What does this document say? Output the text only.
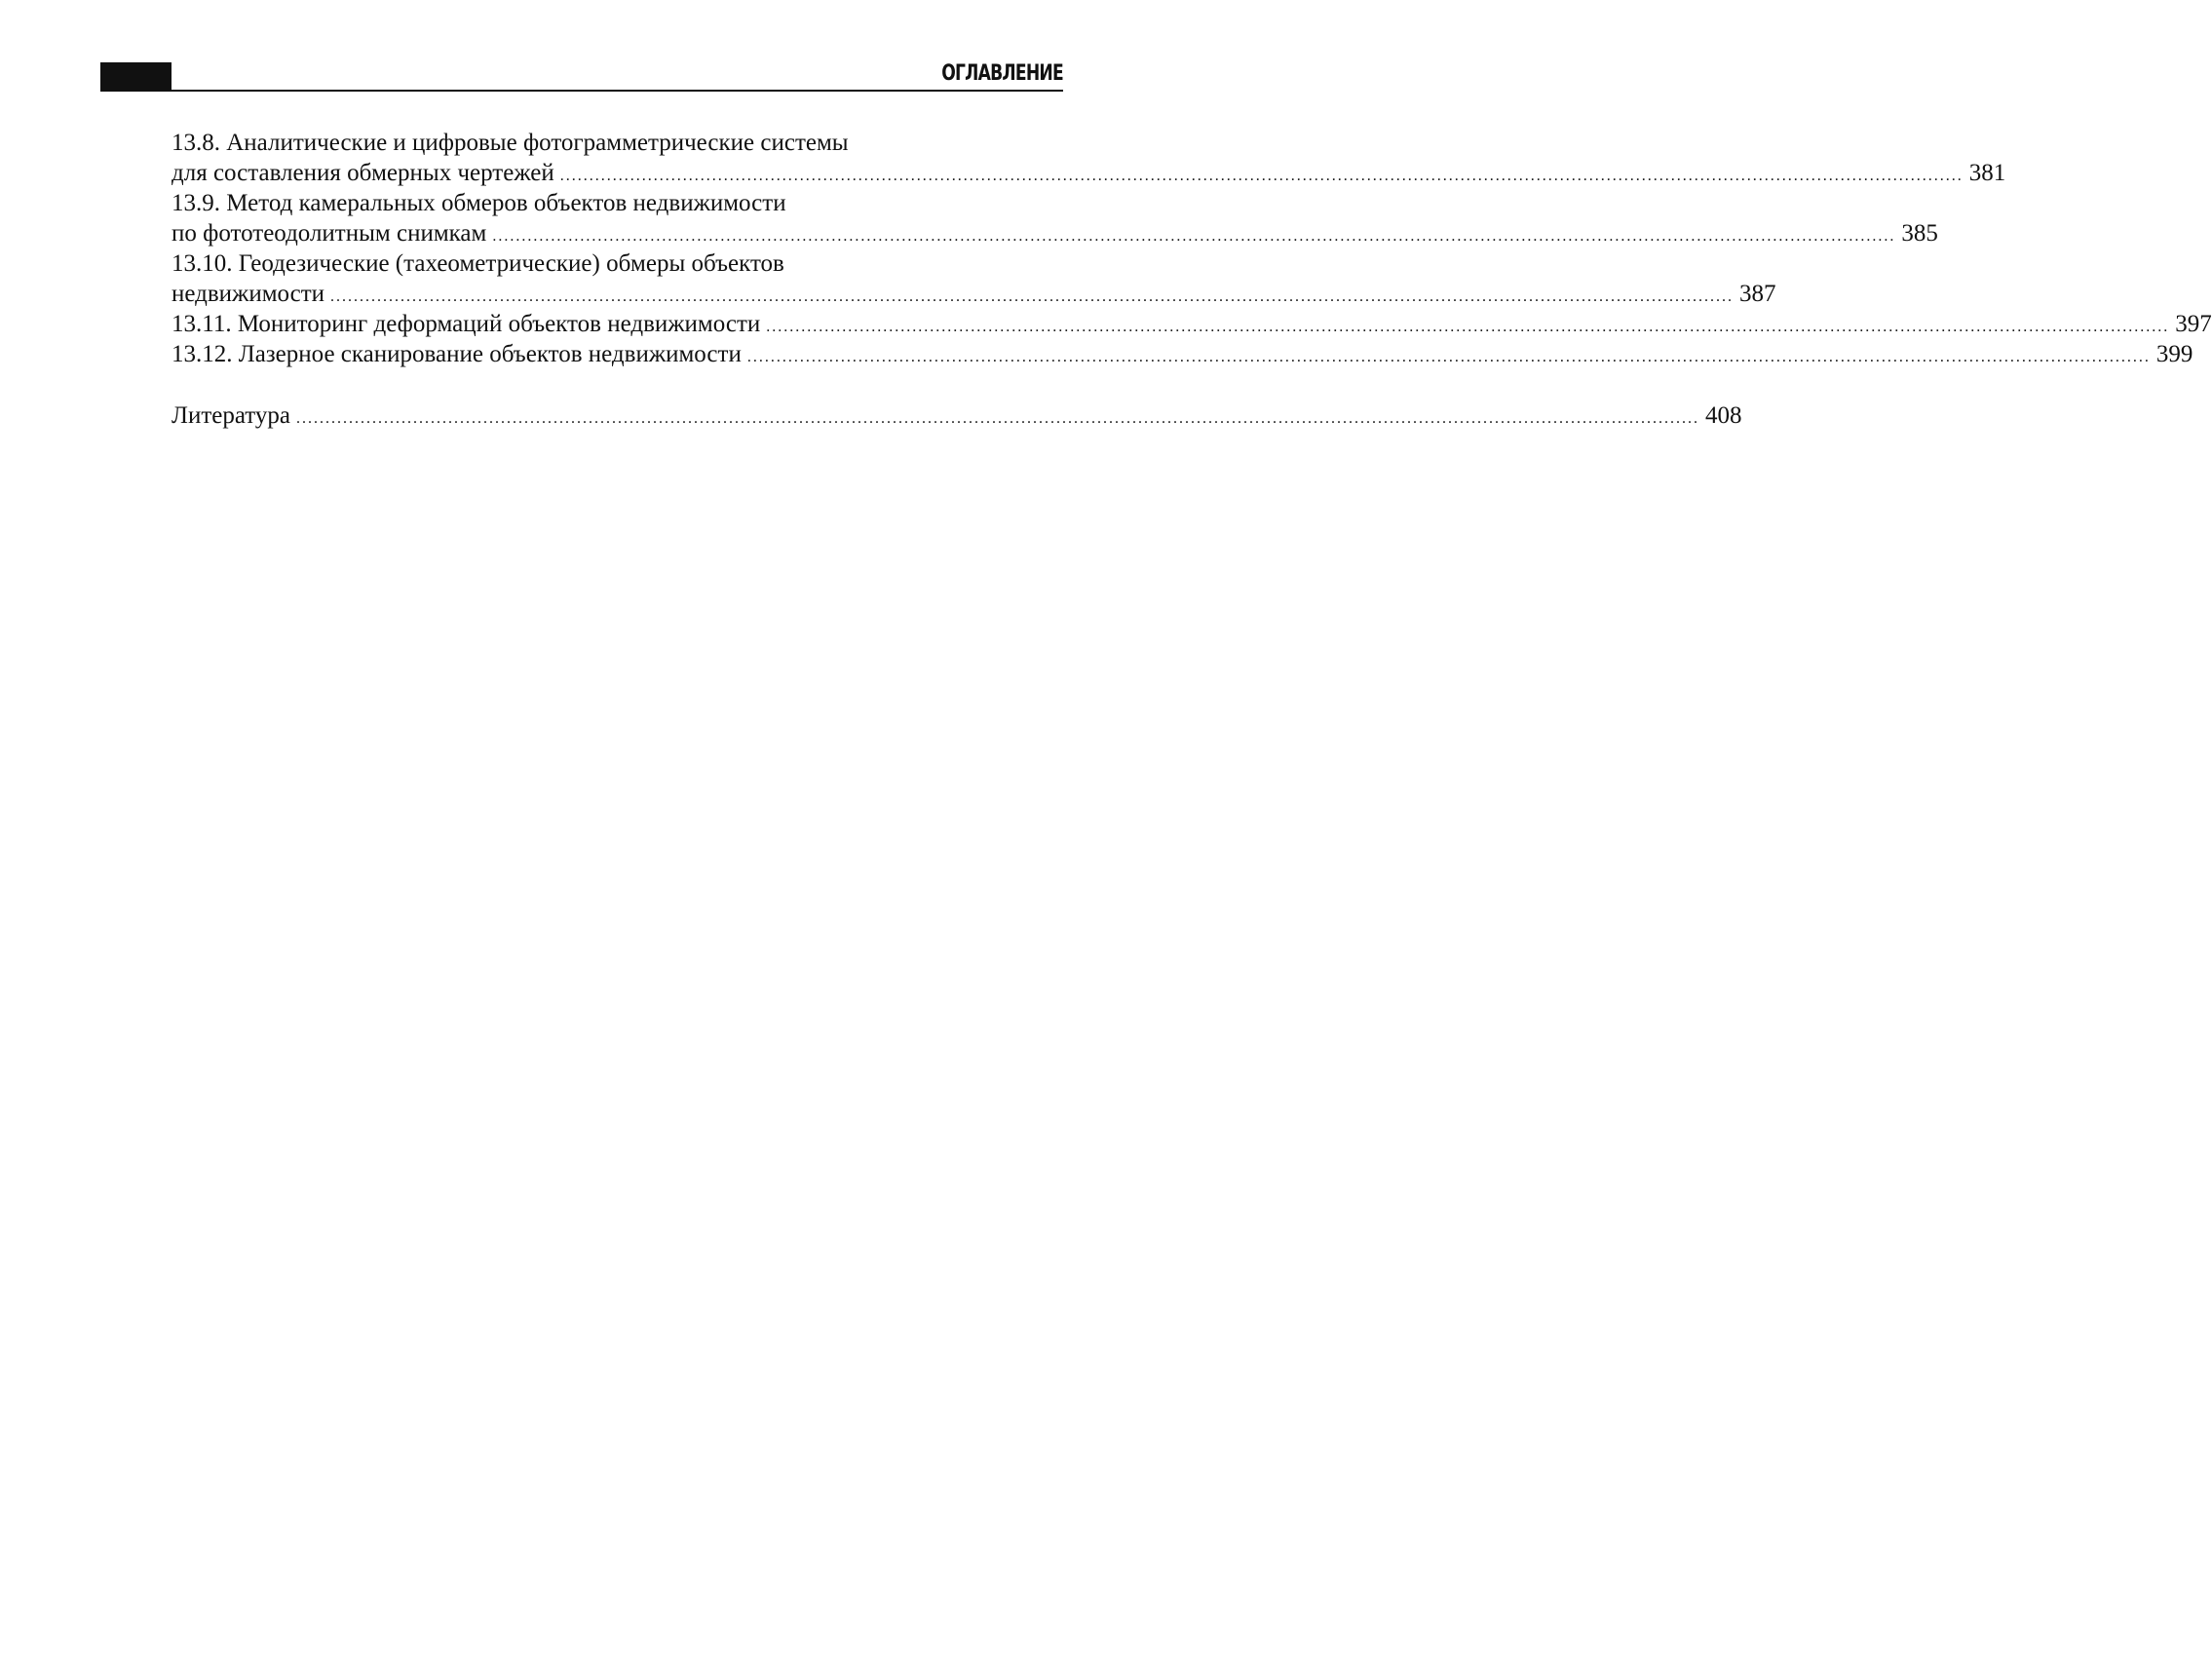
ОГЛАВЛЕНИЕ
13.8. Аналитические и цифровые фотограмметрические системы
для составления обмерных чертежей ................................................................................................................................................................................................................................................ 381
13.9. Метод камеральных обмеров объектов недвижимости
по фототеодолитным снимкам ................................................................................................................................................................................................................................................ 385
13.10. Геодезические (тахеометрические) обмеры объектов
недвижимости ................................................................................................................................................................................................................................................ 387
13.11. Мониторинг деформаций объектов недвижимости ................................................................................................................................................................................................................................................ 397
13.12. Лазерное сканирование объектов недвижимости ................................................................................................................................................................................................................................................ 399
Литература ................................................................................................................................................................................................................................................ 408
